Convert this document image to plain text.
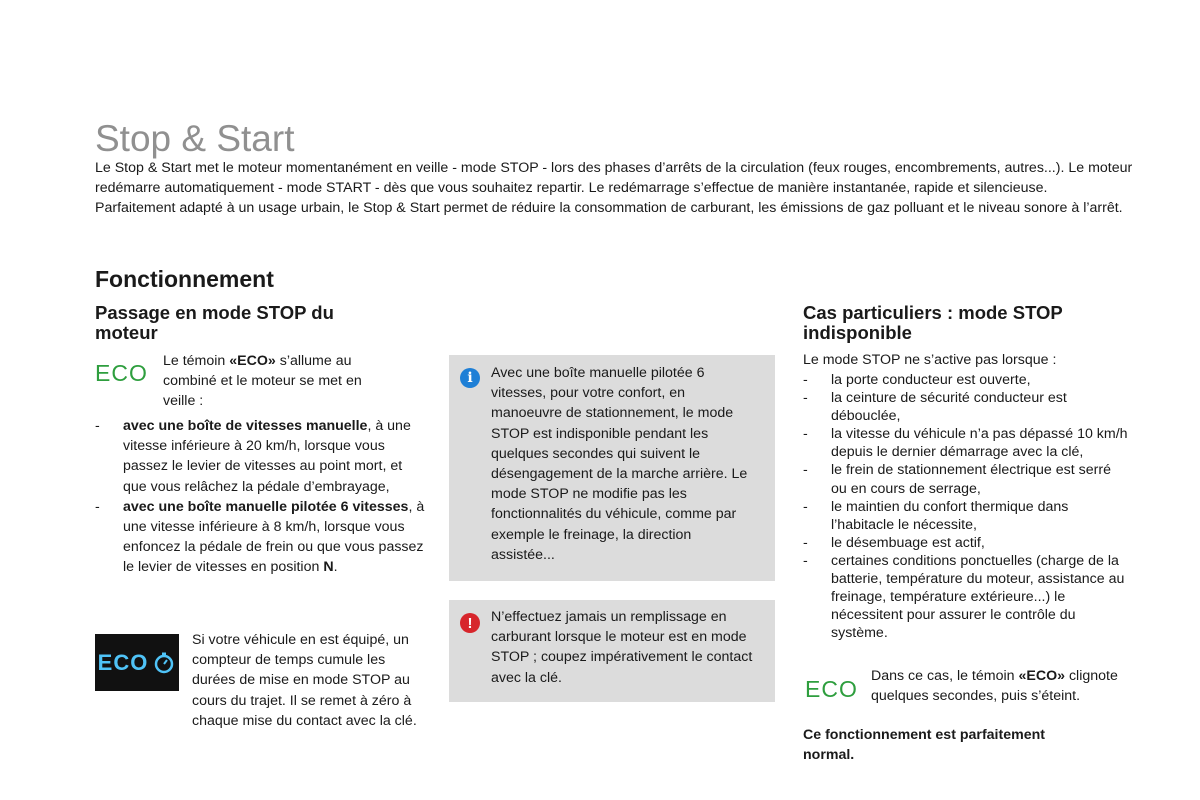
Stop & Start

Le Stop & Start met le moteur momentanément en veille - mode STOP - lors des phases d’arrêts de la circulation (feux rouges, encombrements, autres...). Le moteur redémarre automatiquement - mode START - dès que vous souhaitez repartir. Le redémarrage s’effectue de manière instantanée, rapide et silencieuse.

Parfaitement adapté à un usage urbain, le Stop & Start permet de réduire la consommation de carburant, les émissions de gaz polluant et le niveau sonore à l’arrêt.

Fonctionnement
Passage en mode STOP du
moteur
ECO Le témoin «ECO» s’allume au combiné et le moteur se met en veille :
- avec une boîte de vitesses manuelle, à une vitesse inférieure à 20 km/h, lorsque vous passez le levier de vitesses au point mort, et que vous relâchez la pédale d’embrayage,
- avec une boîte manuelle pilotée 6 vitesses, à une vitesse inférieure à 8 km/h, lorsque vous enfoncez la pédale de frein ou que vous passez le levier de vitesses en position N.
ECO
Si votre véhicule en est équipé, un compteur de temps cumule les durées de mise en mode STOP au cours du trajet. Il se remet à zéro à chaque mise du contact avec la clé.
i	Avec une boîte manuelle pilotée 6 vitesses, pour votre confort, en manoeuvre de stationnement, le mode STOP est indisponible pendant les quelques secondes qui suivent le désengagement de la marche arrière. Le mode STOP ne modifie pas les fonctionnalités du véhicule, comme par exemple le freinage, la direction assistée...
!	N’effectuez jamais un remplissage en carburant lorsque le moteur est en mode STOP ; coupez impérativement le contact avec la clé.
Cas particuliers : mode STOP
indisponible
Le mode STOP ne s’active pas lorsque :
- la porte conducteur est ouverte,
- la ceinture de sécurité conducteur est débouclée,
- la vitesse du véhicule n’a pas dépassé 10 km/h depuis le dernier démarrage avec la clé,
- le frein de stationnement électrique est serré ou en cours de serrage,
- le maintien du confort thermique dans l’habitacle le nécessite,
- le désembuage est actif,
- certaines conditions ponctuelles (charge de la batterie, température du moteur, assistance au freinage, température extérieure...) le nécessitent pour assurer le contrôle du système.
ECO Dans ce cas, le témoin «ECO» clignote quelques secondes, puis s’éteint.
Ce fonctionnement est parfaitement normal.
